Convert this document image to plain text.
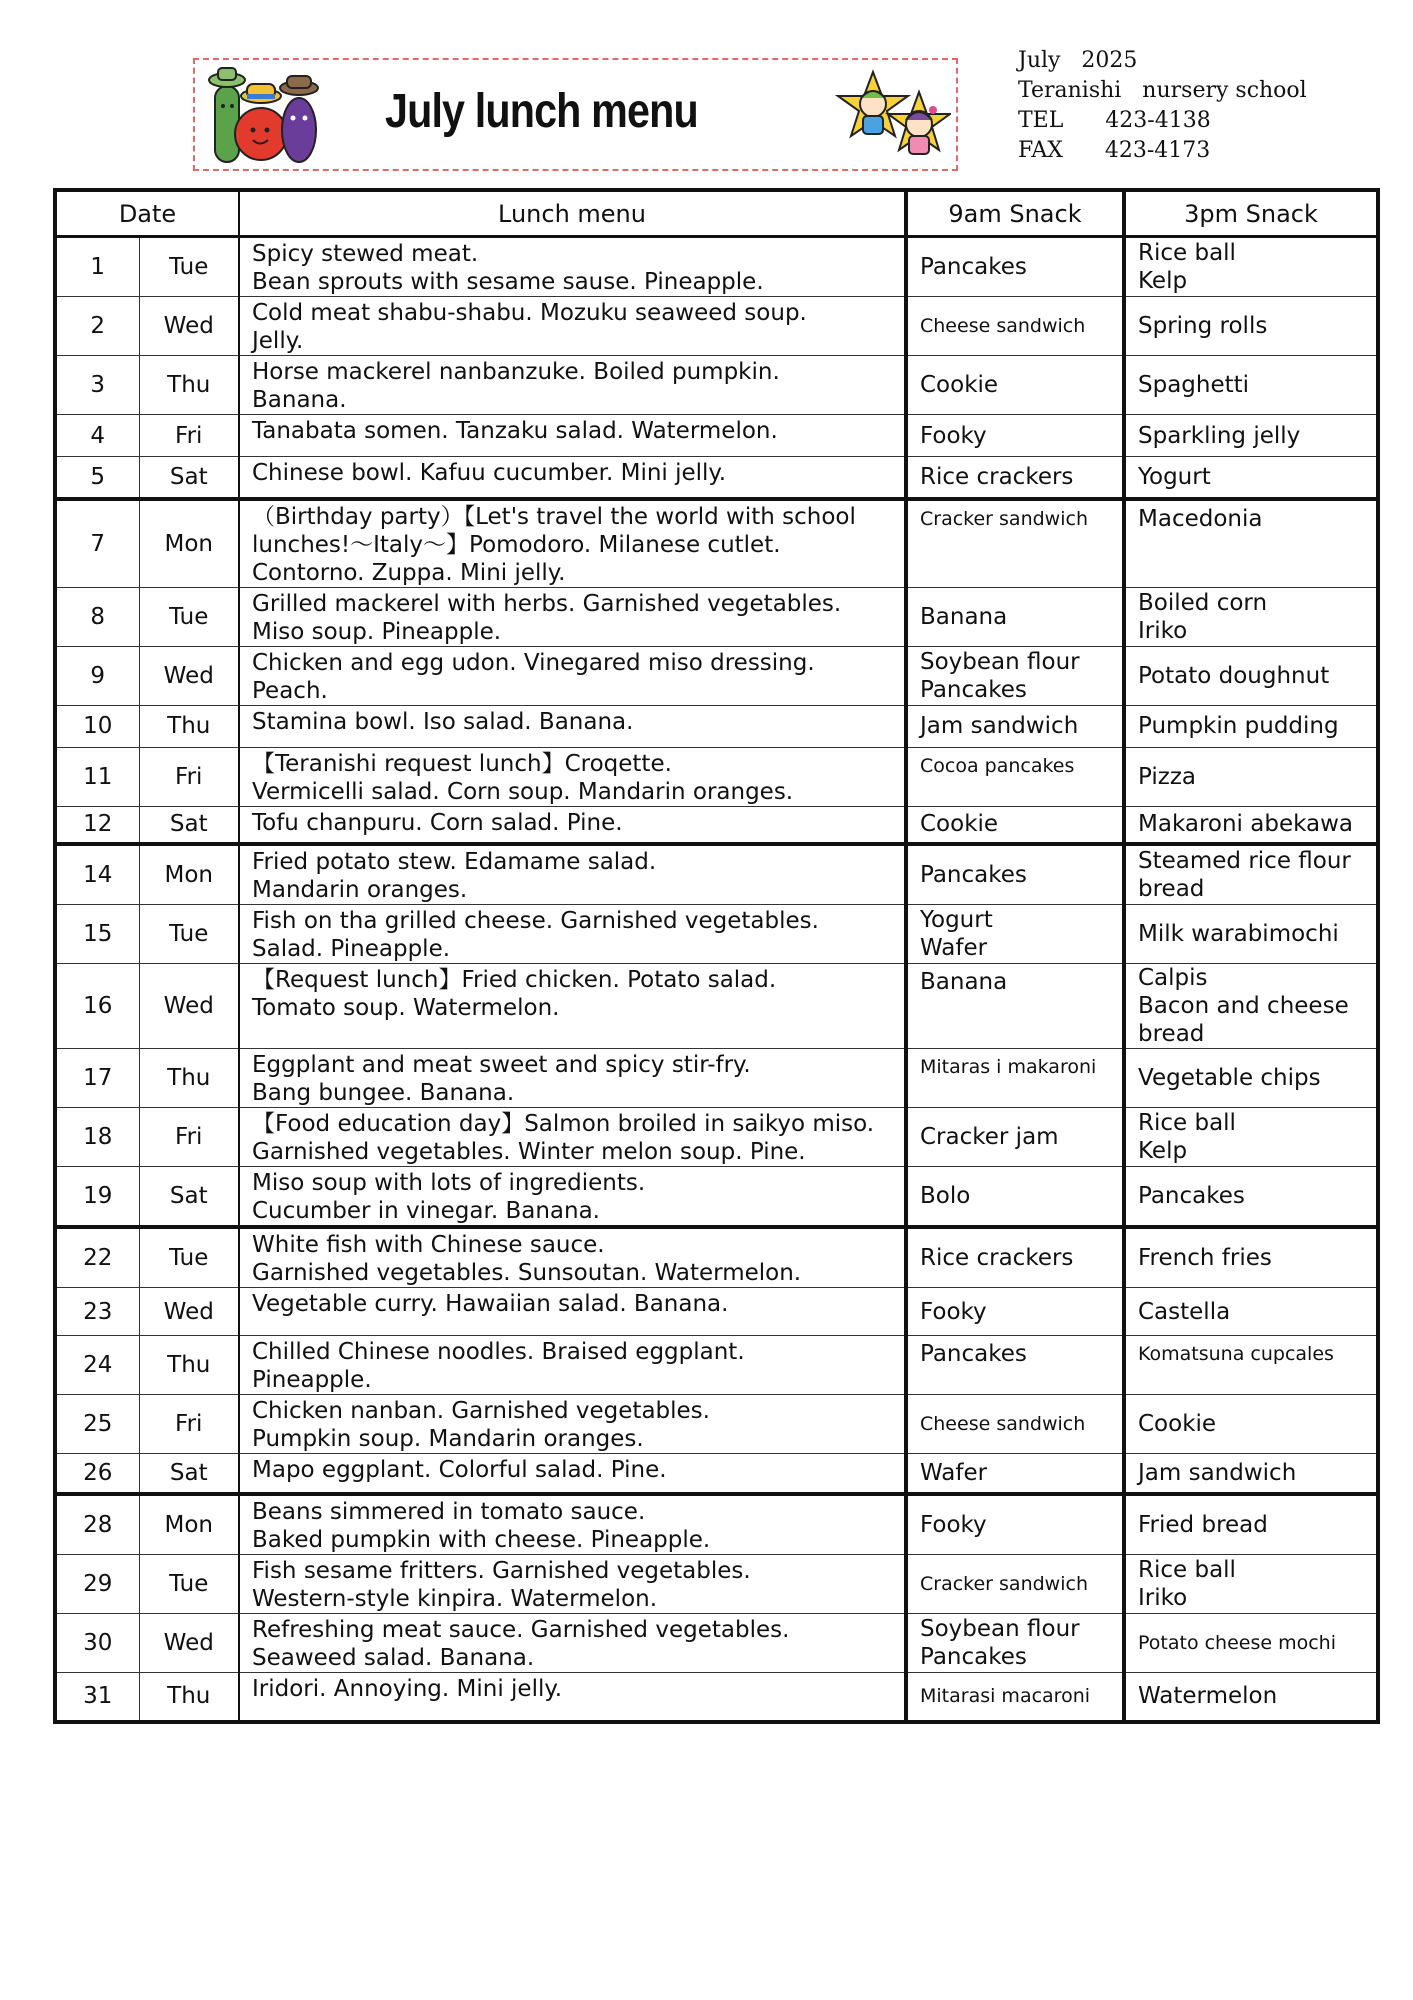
July lunch menu
July   2025
Teranishi   nursery school
TEL      423-4138
FAX      423-4173
Date		Lunch menu	9am Snack	3pm Snack
1	Tue	Spicy stewed meat.
Bean sprouts with sesame sause. Pineapple.	Pancakes	Rice ball
Kelp

2	Wed	Cold meat shabu-shabu. Mozuku seaweed soup.
Jelly.	Cheese sandwich	Spring rolls

3	Thu	Horse mackerel nanbanzuke. Boiled pumpkin.
Banana.	Cookie	Spaghetti

4	Fri	Tanabata somen. Tanzaku salad. Watermelon.	Fooky	Sparkling jelly

5	Sat	Chinese bowl. Kafuu cucumber. Mini jelly.	Rice crackers	Yogurt

7	Mon	（Birthday party）【Let's travel the world with school
lunches!～Italy～】Pomodoro. Milanese cutlet.
Contorno. Zuppa. Mini jelly.	Cracker sandwich	Macedonia

8	Tue	Grilled mackerel with herbs. Garnished vegetables.
Miso soup. Pineapple.	Banana	Boiled corn
Iriko

9	Wed	Chicken and egg udon. Vinegared miso dressing.
Peach.	Soybean flour
Pancakes	Potato doughnut

10	Thu	Stamina bowl. Iso salad. Banana.	Jam sandwich	Pumpkin pudding

11	Fri	【Teranishi request lunch】Croqette.
Vermicelli salad. Corn soup. Mandarin oranges.	Cocoa pancakes	Pizza

12	Sat	Tofu chanpuru. Corn salad. Pine.	Cookie	Makaroni abekawa

14	Mon	Fried potato stew. Edamame salad.
Mandarin oranges.	Pancakes	Steamed rice flour
bread

15	Tue	Fish on tha grilled cheese. Garnished vegetables.
Salad. Pineapple.	Yogurt
Wafer	Milk warabimochi

16	Wed	【Request lunch】Fried chicken. Potato salad.
Tomato soup. Watermelon.	Banana	Calpis
Bacon and cheese
bread

17	Thu	Eggplant and meat sweet and spicy stir-fry.
Bang bungee. Banana.	Mitaras i makaroni	Vegetable chips

18	Fri	【Food education day】Salmon broiled in saikyo miso.
Garnished vegetables. Winter melon soup. Pine.	Cracker jam	Rice ball
Kelp

19	Sat	Miso soup with lots of ingredients.
Cucumber in vinegar. Banana.	Bolo	Pancakes

22	Tue	White fish with Chinese sauce.
Garnished vegetables. Sunsoutan. Watermelon.	Rice crackers	French fries

23	Wed	Vegetable curry. Hawaiian salad. Banana.	Fooky	Castella

24	Thu	Chilled Chinese noodles. Braised eggplant.
Pineapple.	Pancakes	Komatsuna cupcales

25	Fri	Chicken nanban. Garnished vegetables.
Pumpkin soup. Mandarin oranges.	Cheese sandwich	Cookie

26	Sat	Mapo eggplant. Colorful salad. Pine.	Wafer	Jam sandwich

28	Mon	Beans simmered in tomato sauce.
Baked pumpkin with cheese. Pineapple.	Fooky	Fried bread

29	Tue	Fish sesame fritters. Garnished vegetables.
Western-style kinpira. Watermelon.	Cracker sandwich	Rice ball
Iriko

30	Wed	Refreshing meat sauce. Garnished vegetables.
Seaweed salad. Banana.	Soybean flour
Pancakes	Potato cheese mochi

31	Thu	Iridori. Annoying. Mini jelly.	Mitarasi macaroni	Watermelon
